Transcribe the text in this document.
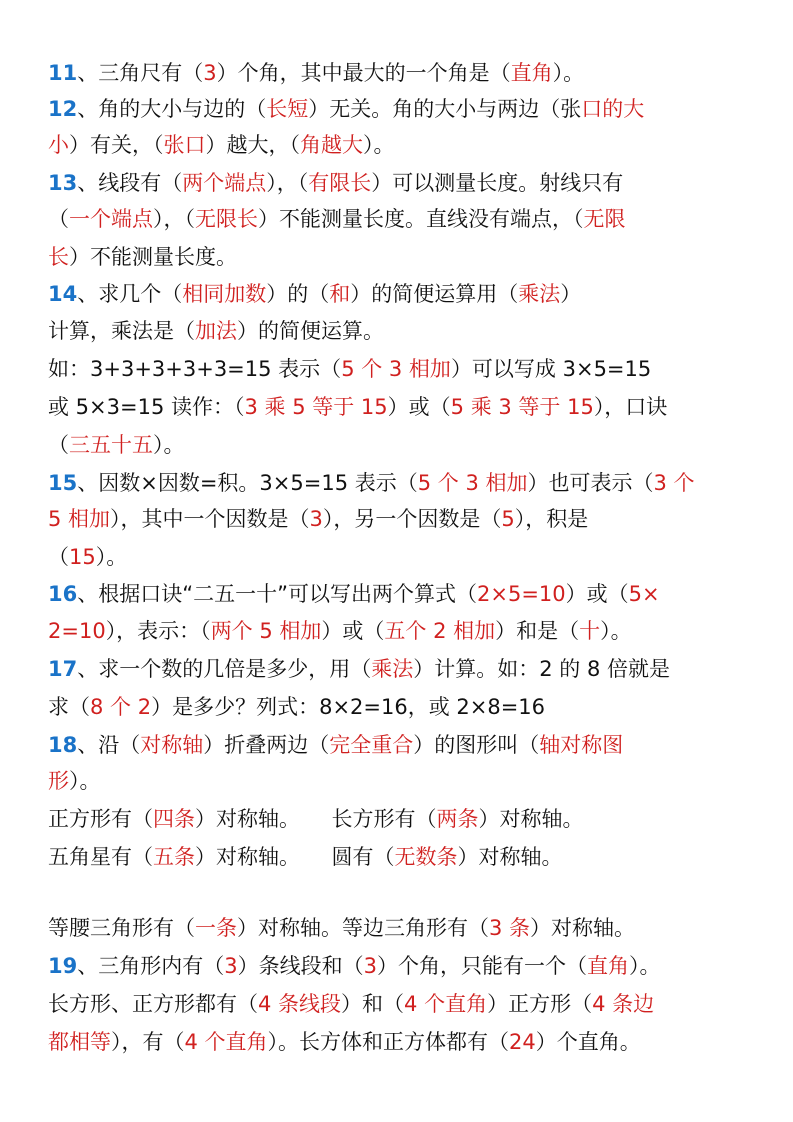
11、三角尺有（3）个角，其中最大的一个角是（直角）。
12、角的大小与边的（长短）无关。角的大小与两边（张口的大
小）有关，（张口）越大，（角越大）。
13、线段有（两个端点），（有限长）可以测量长度。射线只有
（一个端点），（无限长）不能测量长度。直线没有端点，（无限
长）不能测量长度。
14、求几个（相同加数）的（和）的简便运算用（乘法）
计算，乘法是（加法）的简便运算。
如：3+3+3+3+3=15 表示（5 个 3 相加）可以写成 3×5=15
或 5×3=15 读作：（3 乘 5 等于 15）或（5 乘 3 等于 15），口诀
（三五十五）。
15、因数×因数=积。3×5=15 表示（5 个 3 相加）也可表示（3 个
5 相加），其中一个因数是（3），另一个因数是（5），积是
（15）。
16、根据口诀“二五一十”可以写出两个算式（2×5=10）或（5×
2=10），表示：（两个 5 相加）或（五个 2 相加）和是（十）。
17、求一个数的几倍是多少，用（乘法）计算。如：2 的 8 倍就是
求（8 个 2）是多少？列式：8×2=16，或 2×8=16
18、沿（对称轴）折叠两边（完全重合）的图形叫（轴对称图
形）。
正方形有（四条）对称轴。　　长方形有（两条）对称轴。
五角星有（五条）对称轴。　　圆有（无数条）对称轴。
等腰三角形有（一条）对称轴。等边三角形有（3 条）对称轴。
19、三角形内有（3）条线段和（3）个角，只能有一个（直角）。
长方形、正方形都有（4 条线段）和（4 个直角）正方形（4 条边
都相等），有（4 个直角）。长方体和正方体都有（24）个直角。
